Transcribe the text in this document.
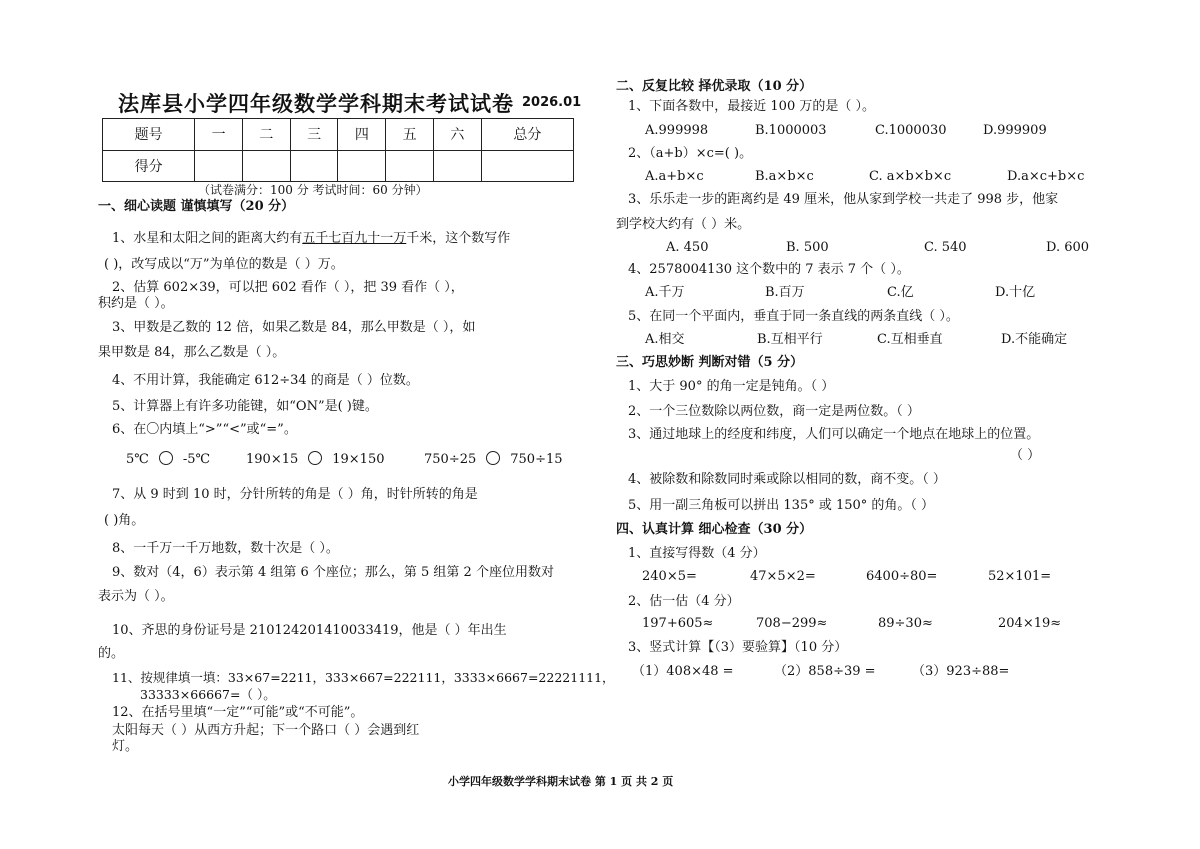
法库县小学四年级数学学科期末考试试卷 2026.01
题号	一	二	三	四	五	六	总分
得分							
（试卷满分：100 分 考试时间：60 分钟）
一、细心读题 谨慎填写（20 分）
1、水星和太阳之间的距离大约有五千七百九十一万千米，这个数写作
( )，改写成以“万”为单位的数是（ ）万。
2、估算 602×39，可以把 602 看作（ ），把 39 看作（ ），
积约是（ ）。
3、甲数是乙数的 12 倍，如果乙数是 84，那么甲数是（ ），如
果甲数是 84，那么乙数是（ ）。
4、不用计算，我能确定 612÷34 的商是（ ）位数。
5、计算器上有许多功能键，如“ON”是( )键。
6、在〇内填上“>”“<”或“=”。
5℃	-5℃	190×15	19×150	750÷25	750÷15
7、从 9 时到 10 时，分针所转的角是（ ）角，时针所转的角是
( )角。
8、一千万一千万地数，数十次是（ ）。
9、数对（4，6）表示第 4 组第 6 个座位；那么，第 5 组第 2 个座位用数对
表示为（ ）。
10、齐思的身份证号是 210124201410033419，他是（ ）年出生
的。
11、按规律填一填：33×67=2211，333×667=222111，3333×6667=22221111，
33333×66667=（ ）。
12、在括号里填“一定”“可能”或“不可能”。
太阳每天（ ）从西方升起；下一个路口（ ）会遇到红
灯。
二、反复比较 择优录取（10 分）
1、下面各数中，最接近 100 万的是（ ）。
A.999998	B.1000003	C.1000030	D.999909
2、（a+b）×c=( )。
A.a+b×c	B.a×b×c	C. a×b×b×c	D.a×c+b×c
3、乐乐走一步的距离约是 49 厘米，他从家到学校一共走了 998 步，他家
到学校大约有（ ）米。
A. 450	B. 500	C. 540	D. 600
4、2578004130 这个数中的 7 表示 7 个（ ）。
A.千万	B.百万	C.亿	D.十亿
5、在同一个平面内，垂直于同一条直线的两条直线（ ）。
A.相交	B.互相平行	C.互相垂直	D.不能确定
三、巧思妙断 判断对错（5 分）
1、大于 90° 的角一定是钝角。（ ）
2、一个三位数除以两位数，商一定是两位数。（ ）
3、通过地球上的经度和纬度，人们可以确定一个地点在地球上的位置。
（ ）
4、被除数和除数同时乘或除以相同的数，商不变。（ ）
5、用一副三角板可以拼出 135° 或 150° 的角。（ ）
四、认真计算 细心检查（30 分）
1、直接写得数（4 分）
240×5=	47×5×2=	6400÷80=	52×101=
2、估一估（4 分）
197+605≈	708−299≈	89÷30≈	204×19≈
3、竖式计算【（3）要验算】（10 分）
（1）408×48 =	（2）858÷39 =	（3）923÷88=
小学四年级数学学科期末试卷 第 1 页 共 2 页
